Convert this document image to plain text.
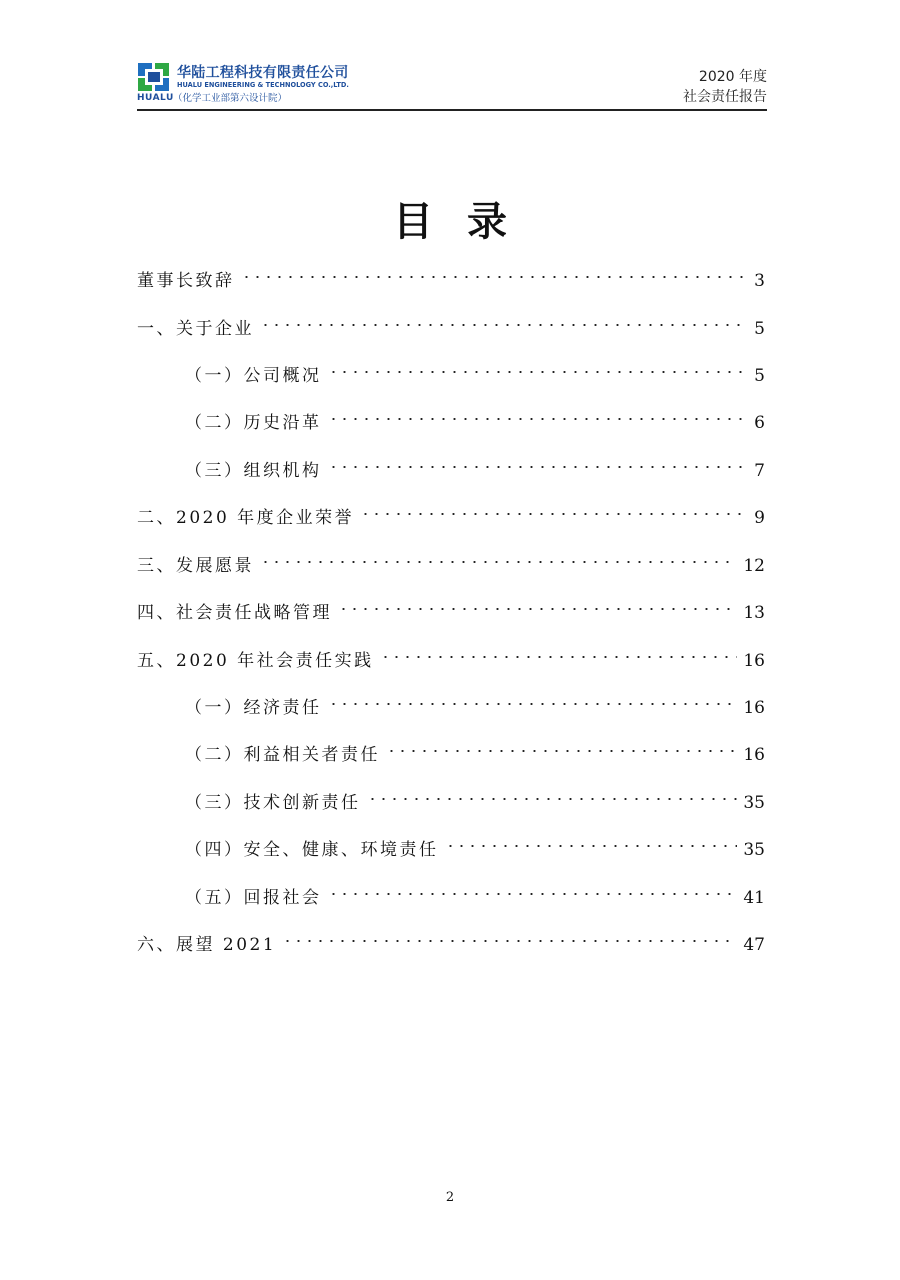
HUALU
华陆工程科技有限责任公司
HUALU ENGINEERING & TECHNOLOGY CO.,LTD.
（化学工业部第六设计院）
2020 年度
社会责任报告
目录
董事长致辞	3
一、关于企业	5
（一）公司概况	5
（二）历史沿革	6
（三）组织机构	7
二、2020 年度企业荣誉	9
三、发展愿景	12
四、社会责任战略管理	13
五、2020 年社会责任实践	16
（一）经济责任	16
（二）利益相关者责任	16
（三）技术创新责任	35
（四）安全、健康、环境责任	35
（五）回报社会	41
六、展望 2021	47
2
